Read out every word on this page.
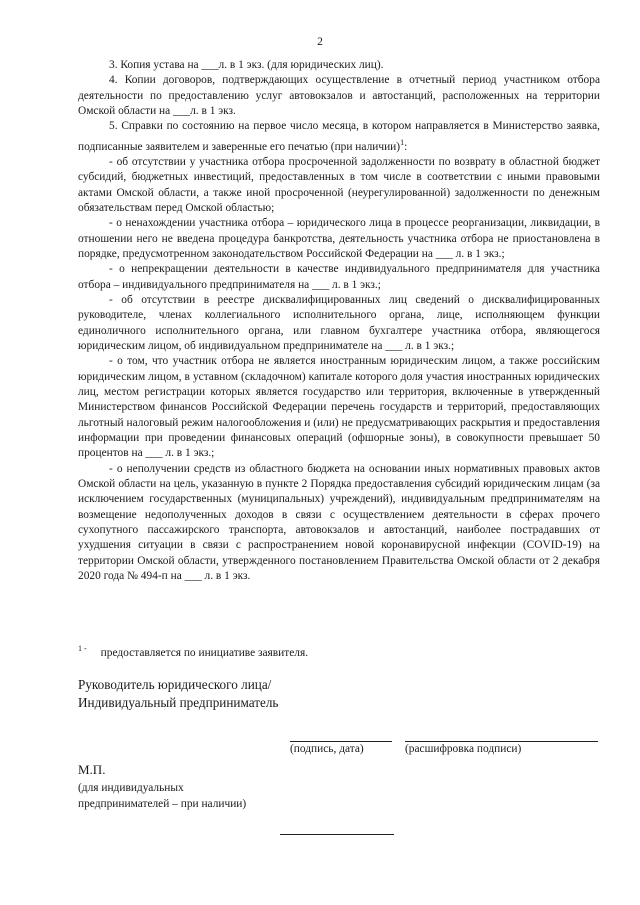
2

3. Копия устава на ___л. в 1 экз. (для юридических лиц).

4. Копии договоров, подтверждающих осуществление в отчетный период участником отбора деятельности по предоставлению услуг автовокзалов и автостанций, расположенных на территории Омской области на ___л. в 1 экз.

5. Справки по состоянию на первое число месяца, в котором направляется в Министерство заявка, подписанные заявителем и заверенные его печатью (при наличии)$^1$:

- об отсутствии у участника отбора просроченной задолженности по возврату в областной бюджет субсидий, бюджетных инвестиций, предоставленных в том числе в соответствии с иными правовыми актами Омской области, а также иной просроченной (неурегулированной) задолженности по денежным обязательствам перед Омской областью;

- о ненахождении участника отбора – юридического лица в процессе реорганизации, ликвидации, в отношении него не введена процедура банкротства, деятельность участника отбора не приостановлена в порядке, предусмотренном законодательством Российской Федерации на ___ л. в 1 экз.;

- о непрекращении деятельности в качестве индивидуального предпринимателя для участника отбора – индивидуального предпринимателя на ___ л. в 1 экз.;

- об отсутствии в реестре дисквалифицированных лиц сведений о дисквалифицированных руководителе, членах коллегиального исполнительного органа, лице, исполняющем функции единоличного исполнительного органа, или главном бухгалтере участника отбора, являющегося юридическим лицом, об индивидуальном предпринимателе на ___ л. в 1 экз.;

- о том, что участник отбора не является иностранным юридическим лицом, а также российским юридическим лицом, в уставном (складочном) капитале которого доля участия иностранных юридических лиц, местом регистрации которых является государство или территория, включенные в утвержденный Министерством финансов Российской Федерации перечень государств и территорий, предоставляющих льготный налоговый режим налогообложения и (или) не предусматривающих раскрытия и предоставления информации при проведении финансовых операций (офшорные зоны), в совокупности превышает 50 процентов на ___ л. в 1 экз.;

- о неполучении средств из областного бюджета на основании иных нормативных правовых актов Омской области на цель, указанную в пункте 2 Порядка предоставления субсидий юридическим лицам (за исключением государственных (муниципальных) учреждений), индивидуальным предпринимателям на возмещение недополученных доходов в связи с осуществлением деятельности в сферах прочего сухопутного пассажирского транспорта, автовокзалов и автостанций, наиболее пострадавших от ухудшения ситуации в связи с распространением новой коронавирусной инфекции (COVID-19) на территории Омской области, утвержденного постановлением Правительства Омской области от 2 декабря 2020 года № 494-п на ___ л. в 1 экз.

$^{1 -}$ предоставляется по инициативе заявителя.
Руководитель юридического лица/
Индивидуальный предприниматель
(подпись, дата)	(расшифровка подписи)
М.П.
(для индивидуальных
предпринимателей – при наличии)
